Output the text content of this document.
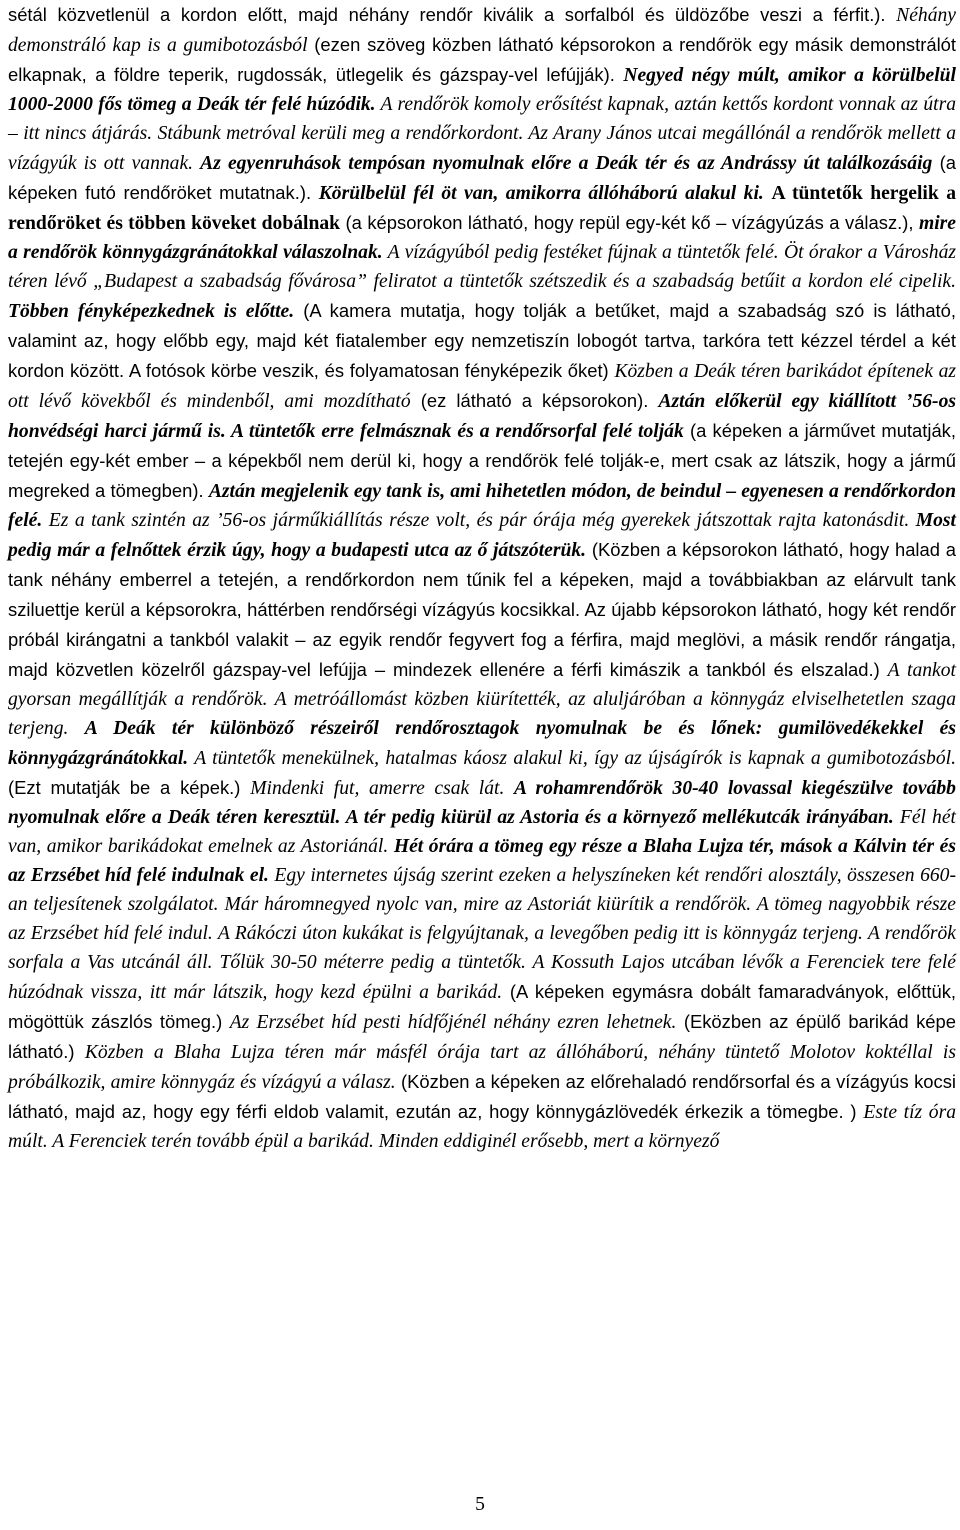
sétál közvetlenül a kordon előtt, majd néhány rendőr kiválik a sorfalból és üldözőbe veszi a férfit.). Néhány demonstráló kap is a gumibotozásból (ezen szöveg közben látható képsorokon a rendőrök egy másik demonstrálót elkapnak, a földre teperik, rugdossák, ütlegelik és gázspay-vel lefújják). Negyed négy múlt, amikor a körülbelül 1000-2000 fős tömeg a Deák tér felé húzódik. A rendőrök komoly erősítést kapnak, aztán kettős kordont vonnak az útra – itt nincs átjárás. Stábunk metróval kerüli meg a rendőrkordont. Az Arany János utcai megállónál a rendőrök mellett a vízágyúk is ott vannak. Az egyenruhások tempósan nyomulnak előre a Deák tér és az Andrássy út találkozásáig (a képeken futó rendőröket mutatnak.). Körülbelül fél öt van, amikorra állóháború alakul ki. A tüntetők hergelik a rendőröket és többen köveket dobálnak (a képsorokon látható, hogy repül egy-két kő – vízágyúzás a válasz.), mire a rendőrök könnygázgránátokkal válaszolnak. A vízágyúból pedig festéket fújnak a tüntetők felé. Öt órakor a Városház téren lévő „Budapest a szabadság fővárosa” feliratot a tüntetők szétszedik és a szabadság betűit a kordon elé cipelik. Többen fényképezkednek is előtte. (A kamera mutatja, hogy tolják a betűket, majd a szabadság szó is látható, valamint az, hogy előbb egy, majd két fiatalember egy nemzetiszín lobogót tartva, tarkóra tett kézzel térdel a két kordon között. A fotósok körbe veszik, és folyamatosan fényképezik őket) Közben a Deák téren barikádot építenek az ott lévő kövekből és mindenből, ami mozdítható (ez látható a képsorokon). Aztán előkerül egy kiállított ’56-os honvédségi harci jármű is. A tüntetők erre felmásznak és a rendőrsorfal felé tolják (a képeken a járművet mutatják, tetején egy-két ember – a képekből nem derül ki, hogy a rendőrök felé tolják-e, mert csak az látszik, hogy a jármű megreked a tömegben). Aztán megjelenik egy tank is, ami hihetetlen módon, de beindul – egyenesen a rendőrkordon felé. Ez a tank szintén az ’56-os járműkiállítás része volt, és pár órája még gyerekek játszottak rajta katonásdit. Most pedig már a felnőttek érzik úgy, hogy a budapesti utca az ő játszóterük. (Közben a képsorokon látható, hogy halad a tank néhány emberrel a tetején, a rendőrkordon nem tűnik fel a képeken, majd a továbbiakban az elárvult tank sziluettje kerül a képsorokra, háttérben rendőrségi vízágyús kocsikkal. Az újabb képsorokon látható, hogy két rendőr próbál kirángatni a tankból valakit – az egyik rendőr fegyvert fog a férfira, majd meglövi, a másik rendőr rángatja, majd közvetlen közelről gázspay-vel lefújja – mindezek ellenére a férfi kimászik a tankból és elszalad.) A tankot gyorsan megállítják a rendőrök. A metróállomást közben kiürítették, az aluljáróban a könnygáz elviselhetetlen szaga terjeng. A Deák tér különböző részeiről rendőrosztagok nyomulnak be és lőnek: gumilövedékekkel és könnygázgránátokkal. A tüntetők menekülnek, hatalmas káosz alakul ki, így az újságírók is kapnak a gumibotozásból. (Ezt mutatják be a képek.) Mindenki fut, amerre csak lát. A rohamrendőrök 30-40 lovassal kiegészülve tovább nyomulnak előre a Deák téren keresztül. A tér pedig kiürül az Astoria és a környező mellékutcák irányában. Fél hét van, amikor barikádokat emelnek az Astoriánál. Hét órára a tömeg egy része a Blaha Lujza tér, mások a Kálvin tér és az Erzsébet híd felé indulnak el. Egy internetes újság szerint ezeken a helyszíneken két rendőri alosztály, összesen 660-an teljesítenek szolgálatot. Már háromnegyed nyolc van, mire az Astoriát kiürítik a rendőrök. A tömeg nagyobbik része az Erzsébet híd felé indul. A Rákóczi úton kukákat is felgyújtanak, a levegőben pedig itt is könnygáz terjeng. A rendőrök sorfala a Vas utcánál áll. Tőlük 30-50 méterre pedig a tüntetők. A Kossuth Lajos utcában lévők a Ferenciek tere felé húzódnak vissza, itt már látszik, hogy kezd épülni a barikád. (A képeken egymásra dobált famaradványok, előttük, mögöttük zászlós tömeg.) Az Erzsébet híd pesti hídfőjénél néhány ezren lehetnek. (Eközben az épülő barikád képe látható.) Közben a Blaha Lujza téren már másfél órája tart az állóháború, néhány tüntető Molotov koktéllal is próbálkozik, amire könnygáz és vízágyú a válasz. (Közben a képeken az előrehaladó rendőrsorfal és a vízágyús kocsi látható, majd az, hogy egy férfi eldob valamit, ezután az, hogy könnygázlövedék érkezik a tömegbe. ) Este tíz óra múlt. A Ferenciek terén tovább épül a barikád. Minden eddiginél erősebb, mert a környező
5
